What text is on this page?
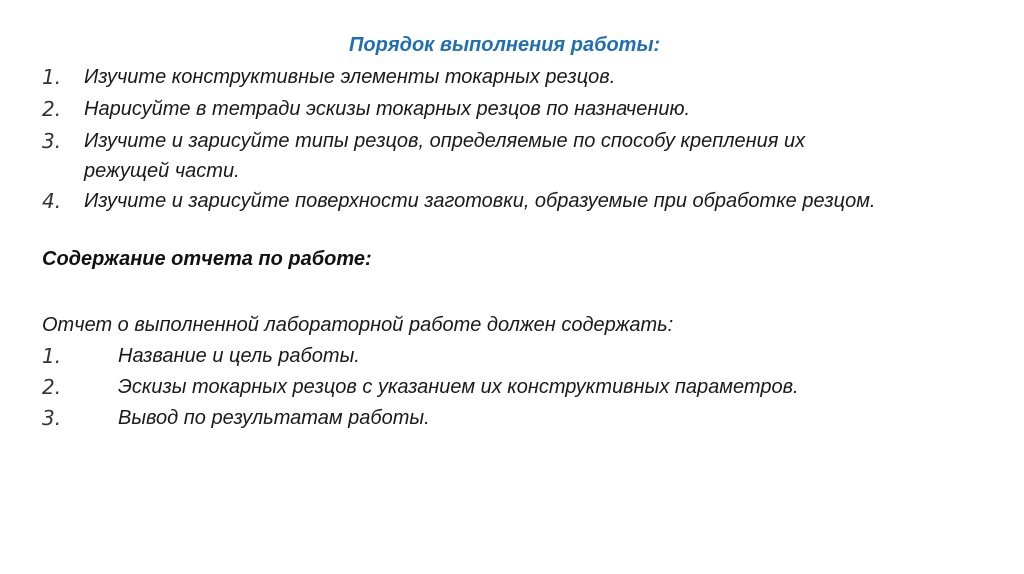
Порядок выполнения работы:
1. Изучите конструктивные элементы токарных резцов.
2. Нарисуйте в тетради эскизы токарных резцов по назначению.
3. Изучите и зарисуйте типы резцов, определяемые по способу крепления их
режущей части.
4. Изучите и зарисуйте поверхности заготовки, образуемые при обработке резцом.
Содержание отчета по работе:
Отчет о выполненной лабораторной работе должен содержать:
1.	Название и цель работы.
2.	Эскизы токарных резцов с указанием их конструктивных параметров.
3.	Вывод по результатам работы.
